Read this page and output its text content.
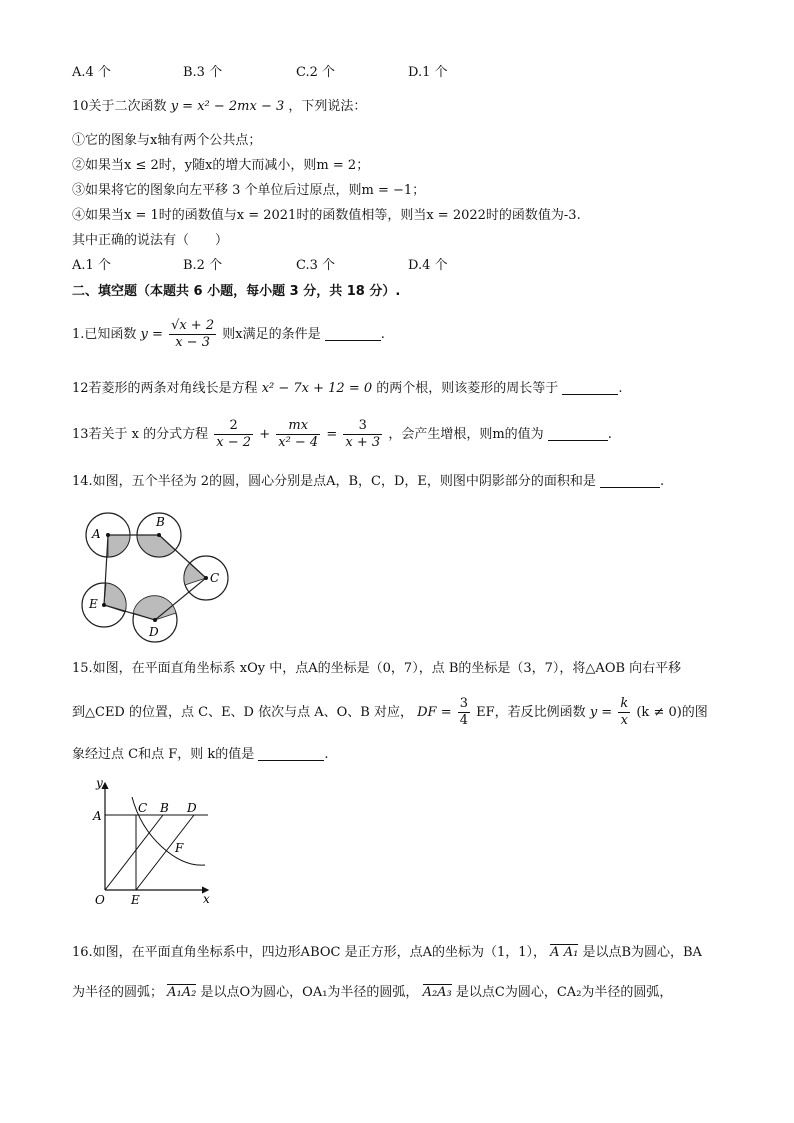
A.4 个	B.3 个	C.2 个	D.1 个
10关于二次函数 y = x² − 2mx − 3 ，下列说法：
①它的图象与x轴有两个公共点；
②如果当x ≤ 2时，y随x的增大而减小，则m = 2；
③如果将它的图象向左平移 3 个单位后过原点，则m = −1；
④如果当x = 1时的函数值与x = 2021时的函数值相等，则当x = 2022时的函数值为-3.
其中正确的说法有（　　）
A.1 个	B.2 个	C.3 个	D.4 个
二、填空题（本题共 6 小题，每小题 3 分，共 18 分）.
1.已知函数 $y = \frac{√x + 2}{x - 3}$ 则x满足的条件是	.
12若菱形的两条对角线长是方程 x² − 7x + 12 = 0 的两个根，则该菱形的周长等于	.
13若关于 x 的分式方程 $\frac{2}{x - 2} + \frac{mx}{\text{x² − 4}} = \frac{3}{x + 3}$ ，会产生增根，则m的值为	.
14.如图，五个半径为 2的圆，圆心分别是点A，B，C，D，E，则图中阴影部分的面积和是	.
A
B
C
D
E
15.如图，在平面直角坐标系 xOy 中，点A的坐标是（0，7），点 B的坐标是（3，7），将△AOB 向右平移
到△CED 的位置，点 C、E、D 依次与点 A、O、B 对应， DF = $\frac{3}{4}$ EF，若反比例函数 $y = \frac{k}{x} (k \ne 0)$的图
象经过点 C和点 F，则 k的值是	.
y
A
C B D
F
O E	x
16.如图，在平面直角坐标系中，四边形ABOC 是正方形，点A的坐标为（1，1）， A A₁ 是以点B为圆心，BA
为半径的圆弧； A₁A₂ 是以点O为圆心，OA₁为半径的圆弧， A₂A₃ 是以点C为圆心，CA₂为半径的圆弧，
